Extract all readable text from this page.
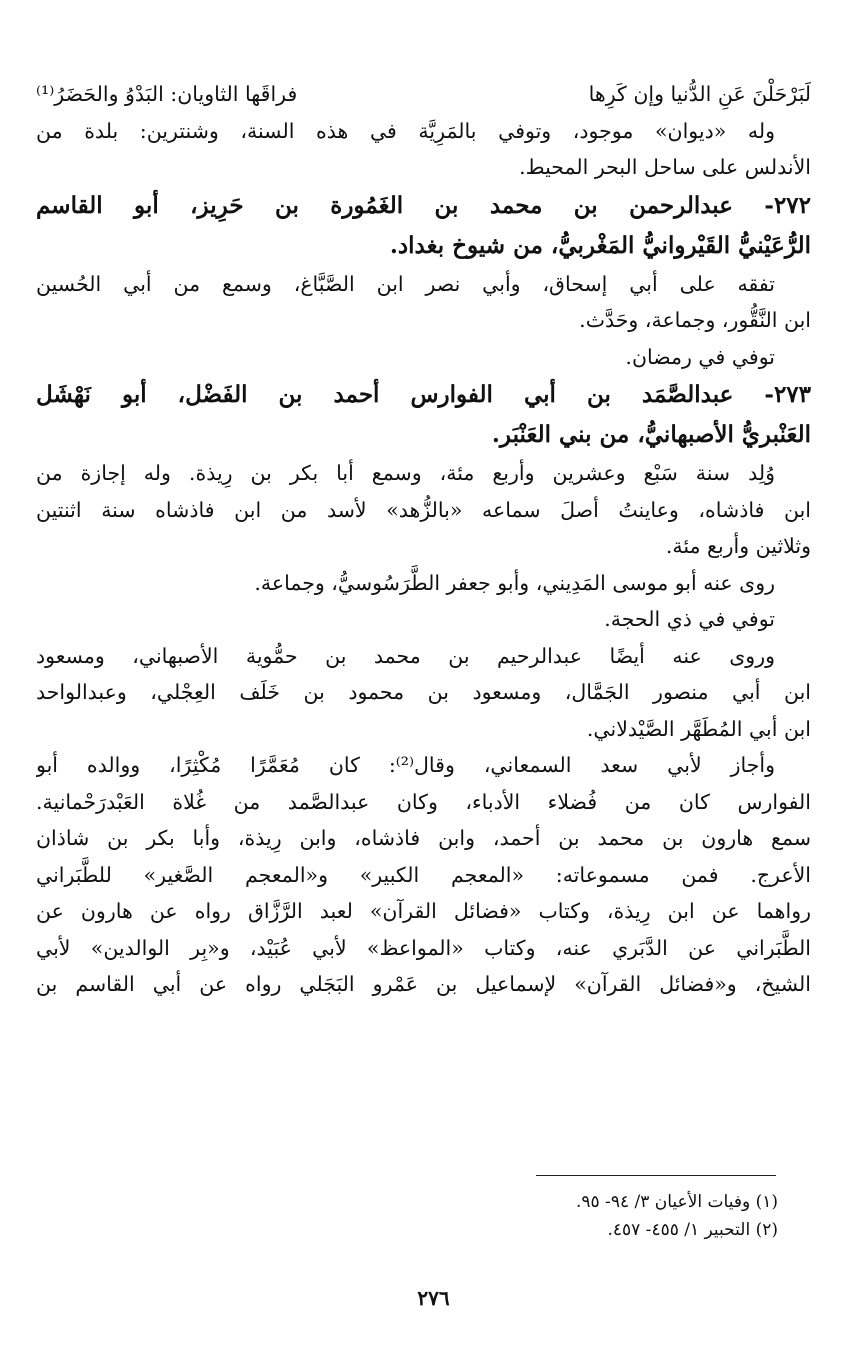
لَبَرْحَلْنَ عَنِ الدُّنيا وإن كَرِها
فراقَها الثاويان: البَدْوُ والحَضَرُ⁽¹⁾
وله «ديوان» موجود، وتوفي بالمَرِيَّة في هذه السنة، وشنترين: بلدة من
الأندلس على ساحل البحر المحيط.
٢٧٢- عبدالرحمن بن محمد بن الغَمُورة بن حَرِيز، أبو القاسم
الرُّعَيْنيُّ القَيْروانيُّ المَغْربيُّ، من شيوخ بغداد.
تفقه على أبي إسحاق، وأبي نصر ابن الصَّبَّاغ، وسمع من أبي الحُسين
ابن النَّقُّور، وجماعة، وحَدَّث.
توفي في رمضان.
٢٧٣- عبدالصَّمَد بن أبي الفوارس أحمد بن الفَضْل، أبو نَهْشَل
العَنْبريُّ الأصبهانيُّ، من بني العَنْبَر.
وُلِد سنة سَبْع وعشرين وأربع مئة، وسمع أبا بكر بن رِيذة. وله إجازة من
ابن فاذشاه، وعاينتُ أصلَ سماعه «بالزُّهد» لأسد من ابن فاذشاه سنة اثنتين
وثلاثين وأربع مئة.
روى عنه أبو موسى المَدِيني، وأبو جعفر الطَّرَسُوسيُّ، وجماعة.
توفي في ذي الحجة.
وروى عنه أيضًا عبدالرحيم بن محمد بن حمُّوية الأصبهاني، ومسعود
ابن أبي منصور الجَمَّال، ومسعود بن محمود بن خَلَف العِجْلي، وعبدالواحد
ابن أبي المُطَهَّر الصَّيْدلاني.
وأجاز لأبي سعد السمعاني، وقال⁽²⁾: كان مُعَمَّرًا مُكْثِرًا، ووالده أبو
الفوارس كان من فُضلاء الأدباء، وكان عبدالصَّمد من غُلاة العَبْدرَحْمانية.
سمع هارون بن محمد بن أحمد، وابن فاذشاه، وابن رِيذة، وأبا بكر بن شاذان
الأعرج. فمن مسموعاته: «المعجم الكبير» و«المعجم الصَّغير» للطَّبَراني
رواهما عن ابن رِيذة، وكتاب «فضائل القرآن» لعبد الرَّزَّاق رواه عن هارون عن
الطَّبَراني عن الدَّبَري عنه، وكتاب «المواعظ» لأبي عُبَيْد، و«بِر الوالدين» لأبي
الشيخ، و«فضائل القرآن» لإسماعيل بن عَمْرو البَجَلي رواه عن أبي القاسم بن
(١) وفيات الأعيان ٣/ ٩٤- ٩٥.
(٢) التحبير ١/ ٤٥٥- ٤٥٧.
٢٧٦
